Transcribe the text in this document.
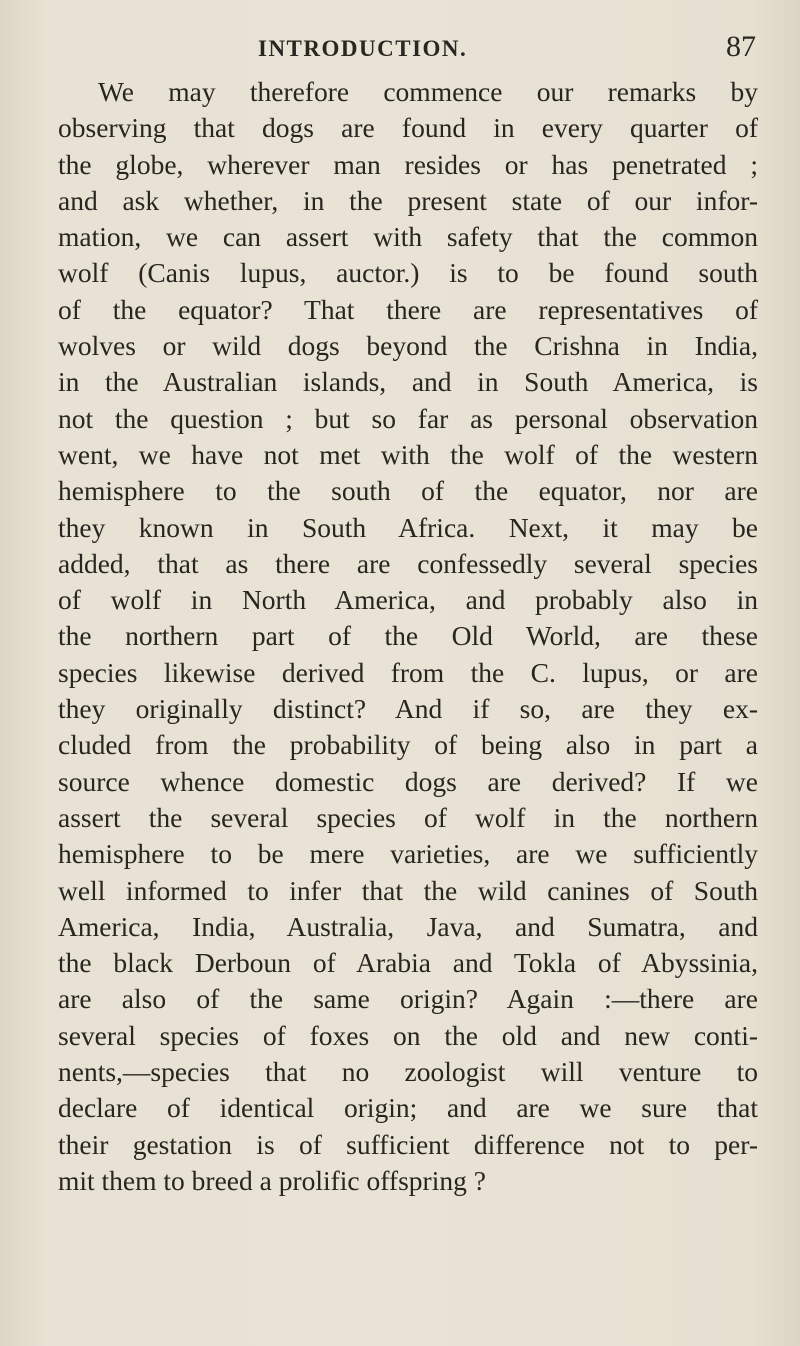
INTRODUCTION.	87
We may therefore commence our remarks by
observing that dogs are found in every quarter of
the globe, wherever man resides or has penetrated ;
and ask whether, in the present state of our infor-
mation, we can assert with safety that the common
wolf (Canis lupus, auctor.) is to be found south
of the equator? That there are representatives of
wolves or wild dogs beyond the Crishna in India,
in the Australian islands, and in South America, is
not the question ; but so far as personal observation
went, we have not met with the wolf of the western
hemisphere to the south of the equator, nor are
they known in South Africa. Next, it may be
added, that as there are confessedly several species
of wolf in North America, and probably also in
the northern part of the Old World, are these
species likewise derived from the C. lupus, or are
they originally distinct? And if so, are they ex-
cluded from the probability of being also in part a
source whence domestic dogs are derived? If we
assert the several species of wolf in the northern
hemisphere to be mere varieties, are we sufficiently
well informed to infer that the wild canines of South
America, India, Australia, Java, and Sumatra, and
the black Derboun of Arabia and Tokla of Abyssinia,
are also of the same origin? Again :—there are
several species of foxes on the old and new conti-
nents,—species that no zoologist will venture to
declare of identical origin; and are we sure that
their gestation is of sufficient difference not to per-
mit them to breed a prolific offspring ?
